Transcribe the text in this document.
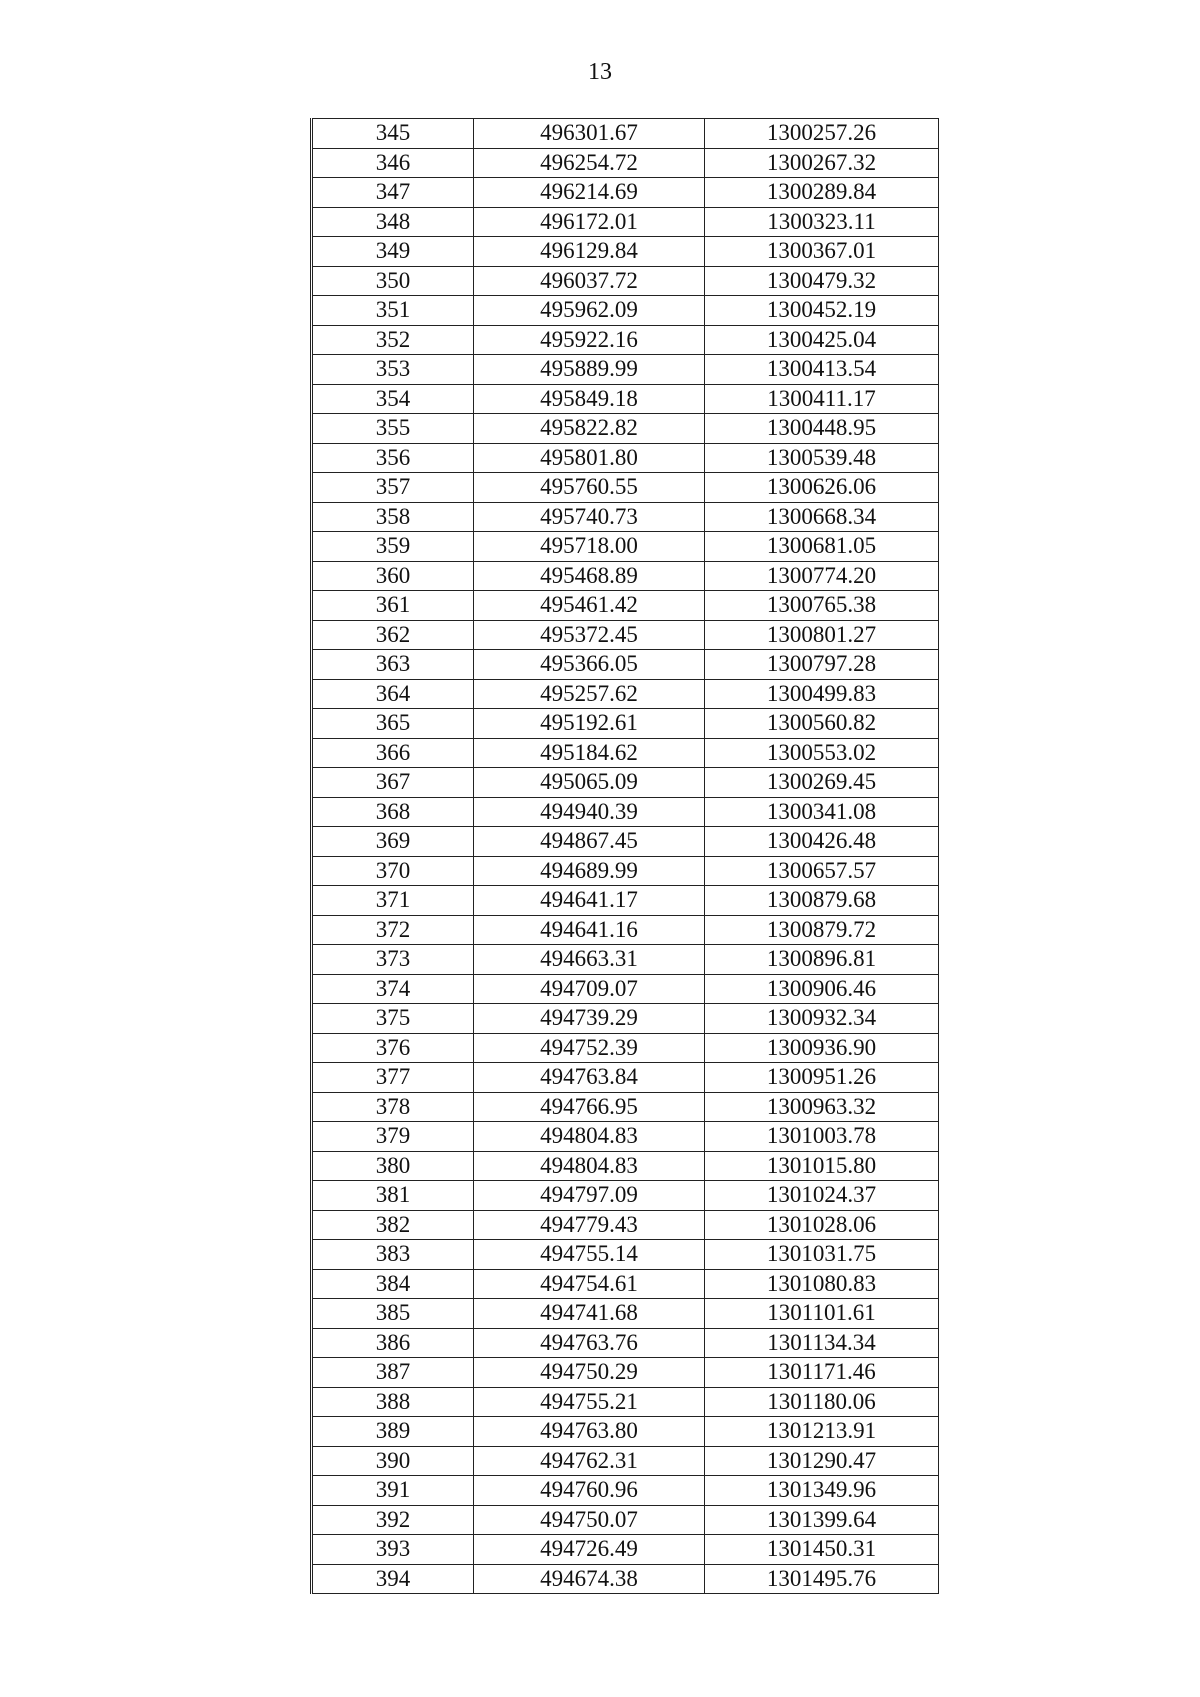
13
345	496301.67	1300257.26
346	496254.72	1300267.32
347	496214.69	1300289.84
348	496172.01	1300323.11
349	496129.84	1300367.01
350	496037.72	1300479.32
351	495962.09	1300452.19
352	495922.16	1300425.04
353	495889.99	1300413.54
354	495849.18	1300411.17
355	495822.82	1300448.95
356	495801.80	1300539.48
357	495760.55	1300626.06
358	495740.73	1300668.34
359	495718.00	1300681.05
360	495468.89	1300774.20
361	495461.42	1300765.38
362	495372.45	1300801.27
363	495366.05	1300797.28
364	495257.62	1300499.83
365	495192.61	1300560.82
366	495184.62	1300553.02
367	495065.09	1300269.45
368	494940.39	1300341.08
369	494867.45	1300426.48
370	494689.99	1300657.57
371	494641.17	1300879.68
372	494641.16	1300879.72
373	494663.31	1300896.81
374	494709.07	1300906.46
375	494739.29	1300932.34
376	494752.39	1300936.90
377	494763.84	1300951.26
378	494766.95	1300963.32
379	494804.83	1301003.78
380	494804.83	1301015.80
381	494797.09	1301024.37
382	494779.43	1301028.06
383	494755.14	1301031.75
384	494754.61	1301080.83
385	494741.68	1301101.61
386	494763.76	1301134.34
387	494750.29	1301171.46
388	494755.21	1301180.06
389	494763.80	1301213.91
390	494762.31	1301290.47
391	494760.96	1301349.96
392	494750.07	1301399.64
393	494726.49	1301450.31
394	494674.38	1301495.76
